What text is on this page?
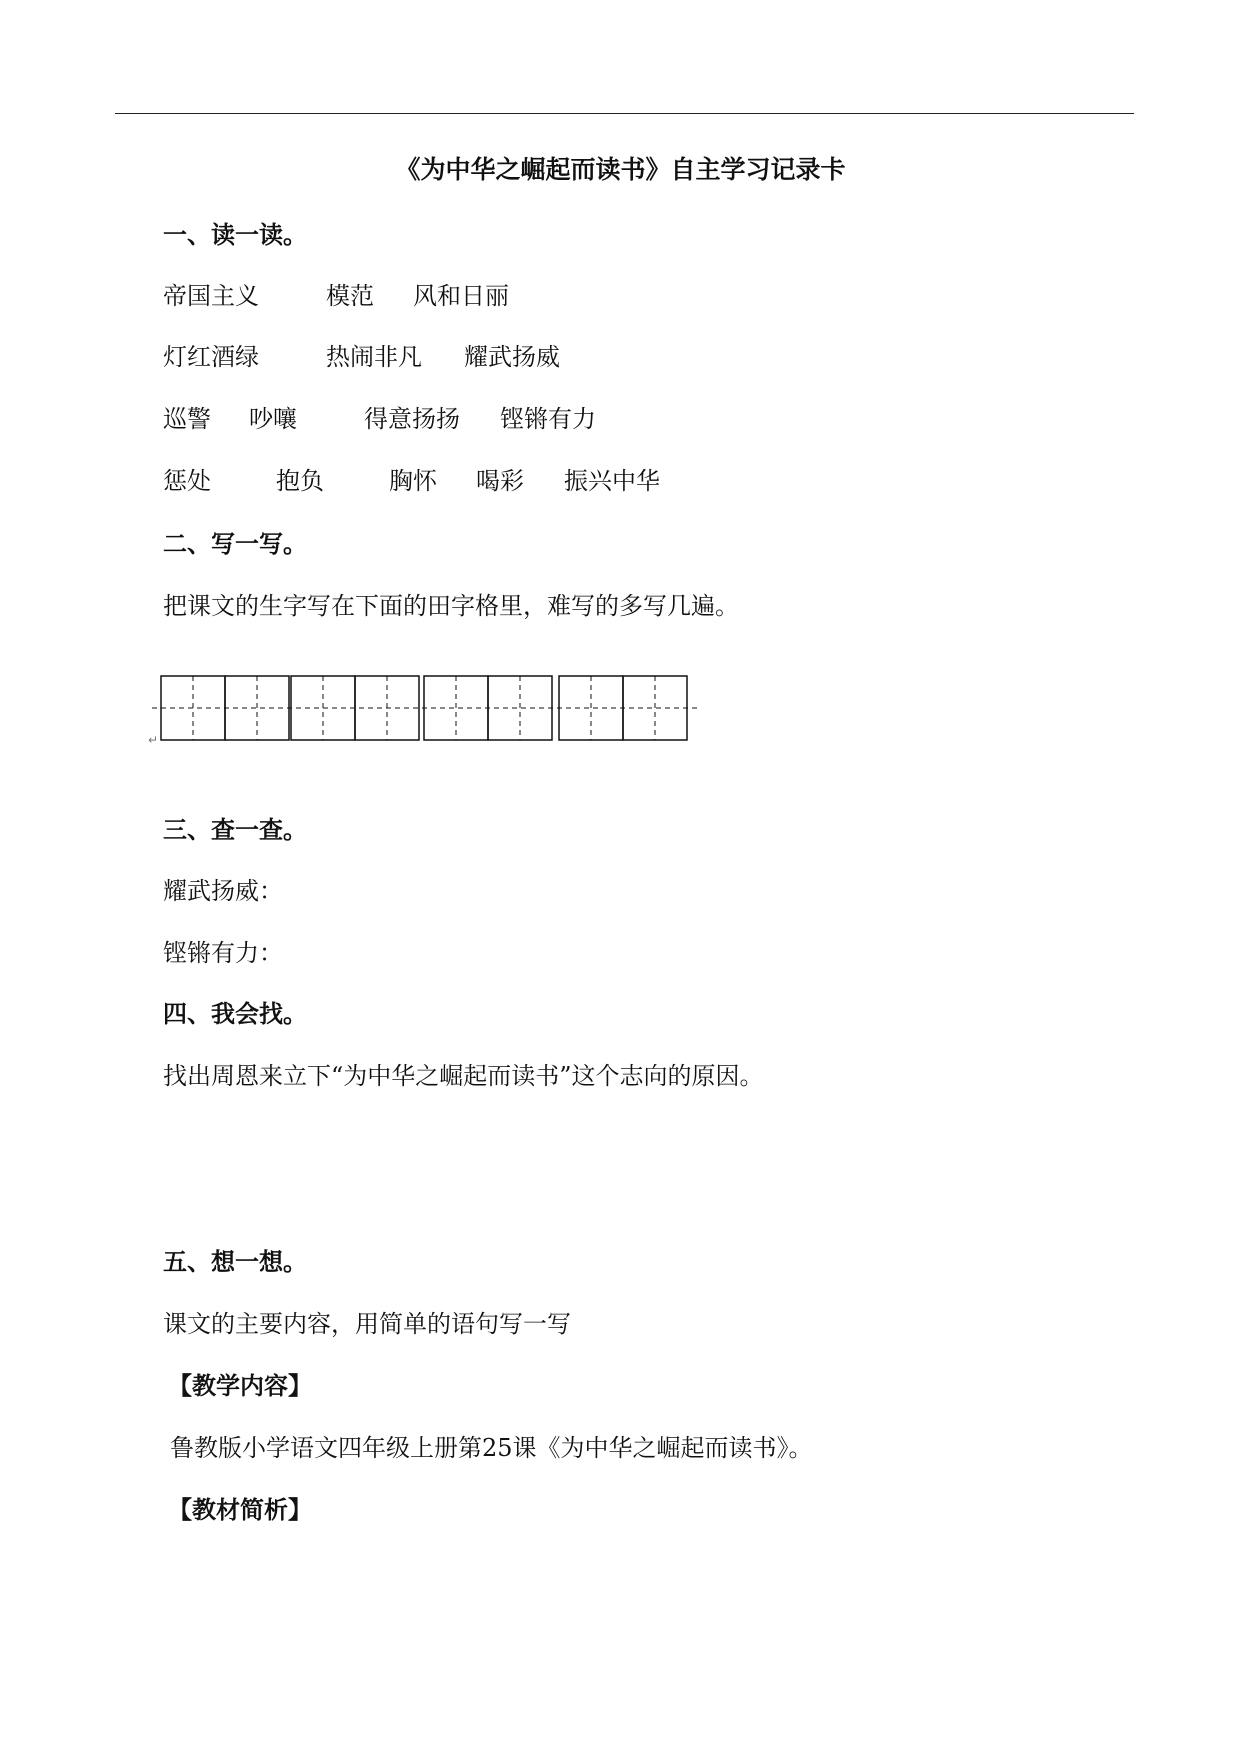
《为中华之崛起而读书》自主学习记录卡
一、读一读。
帝国主义	模范 风和日丽
灯红酒绿	热闹非凡 耀武扬威
巡警 吵嚷	得意扬扬 铿锵有力
惩处	抱负	胸怀 喝彩 振兴中华
二、写一写。
把课文的生字写在下面的田字格里，难写的多写几遍。
↵
三、查一查。
耀武扬威：
铿锵有力：
四、我会找。
找出周恩来立下“为中华之崛起而读书”这个志向的原因。
五、想一想。
课文的主要内容，用简单的语句写一写
【教学内容】
鲁教版小学语文四年级上册第25课《为中华之崛起而读书》。
【教材简析】
